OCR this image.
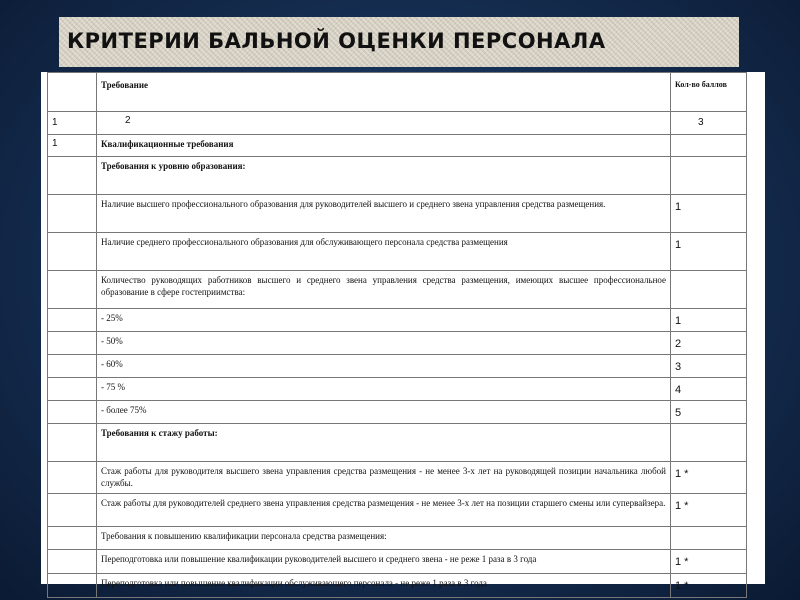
КРИТЕРИИ БАЛЬНОЙ ОЦЕНКИ ПЕРСОНАЛА
	Требование	Кол-во баллов
1	2	3
1	Квалификационные требования	
	Требования к уровню образования:	
	Наличие высшего профессионального образования для руководителей высшего и среднего звена управления средства размещения.	1
	Наличие среднего профессионального образования для обслуживающего персонала средства размещения	1
	Количество руководящих работников высшего и среднего звена управления средства размещения, имеющих высшее профессиональное образование в сфере гостеприимства:	
	- 25%	1
	- 50%	2
	- 60%	3
	- 75 %	4
	- более 75%	5
	Требования к стажу работы:	
	Стаж работы для руководителя высшего звена управления средства размещения - не менее 3-х лет на руководящей позиции начальника любой службы.	1 *
	Стаж работы для руководителей среднего звена управления средства размещения - не менее 3-х лет на позиции старшего смены или супервайзера.	1 *
	Требования к повышению квалификации персонала средства размещения:	
	Переподготовка или повышение квалификации руководителей высшего и среднего звена - не реже 1 раза в 3 года	1 *
	Переподготовка или повышение квалификации обслуживающего персонала - не реже 1 раза в 3 года	1 *
